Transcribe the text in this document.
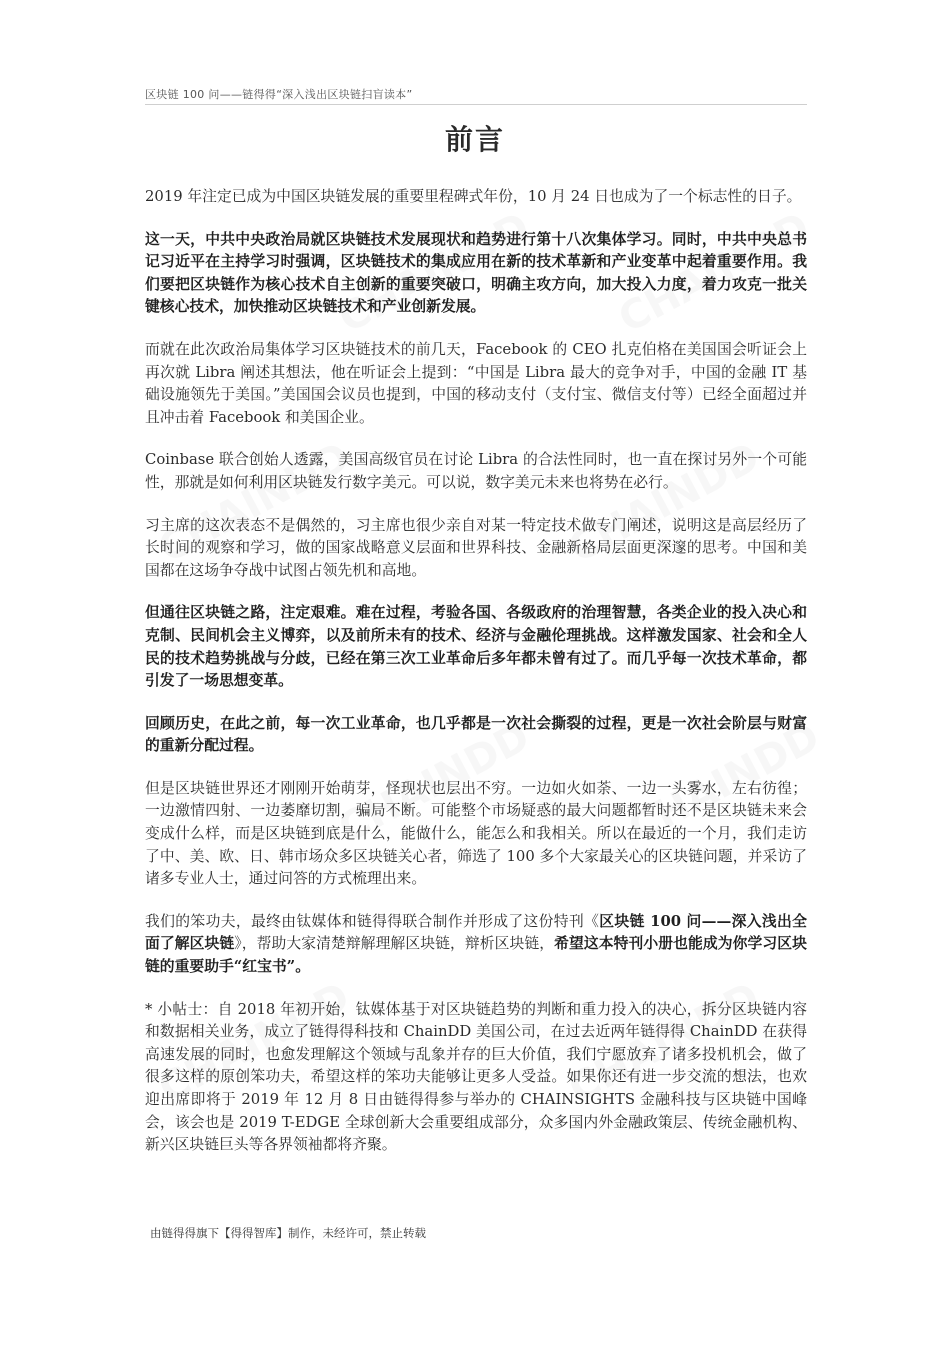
区块链 100 问——链得得“深入浅出区块链扫盲读本”
前言

2019 年注定已成为中国区块链发展的重要里程碑式年份，10 月 24 日也成为了一个标志性的日子。

这一天，中共中央政治局就区块链技术发展现状和趋势进行第十八次集体学习。同时，中共中央总书记习近平在主持学习时强调，区块链技术的集成应用在新的技术革新和产业变革中起着重要作用。我们要把区块链作为核心技术自主创新的重要突破口，明确主攻方向，加大投入力度，着力攻克一批关键核心技术，加快推动区块链技术和产业创新发展。

而就在此次政治局集体学习区块链技术的前几天，Facebook 的 CEO 扎克伯格在美国国会听证会上再次就 Libra 阐述其想法，他在听证会上提到：“中国是 Libra 最大的竞争对手，中国的金融 IT 基础设施领先于美国。”美国国会议员也提到，中国的移动支付（支付宝、微信支付等）已经全面超过并且冲击着 Facebook 和美国企业。

Coinbase 联合创始人透露，美国高级官员在讨论 Libra 的合法性同时，也一直在探讨另外一个可能性，那就是如何利用区块链发行数字美元。可以说，数字美元未来也将势在必行。

习主席的这次表态不是偶然的，习主席也很少亲自对某一特定技术做专门阐述，说明这是高层经历了长时间的观察和学习，做的国家战略意义层面和世界科技、金融新格局层面更深邃的思考。中国和美国都在这场争夺战中试图占领先机和高地。

但通往区块链之路，注定艰难。难在过程，考验各国、各级政府的治理智慧，各类企业的投入决心和克制、民间机会主义博弈，以及前所未有的技术、经济与金融伦理挑战。这样激发国家、社会和全人民的技术趋势挑战与分歧，已经在第三次工业革命后多年都未曾有过了。而几乎每一次技术革命，都引发了一场思想变革。

回顾历史，在此之前，每一次工业革命，也几乎都是一次社会撕裂的过程，更是一次社会阶层与财富的重新分配过程。

但是区块链世界还才刚刚开始萌芽，怪现状也层出不穷。一边如火如荼、一边一头雾水，左右彷徨；一边激情四射、一边萎靡切割，骗局不断。可能整个市场疑惑的最大问题都暂时还不是区块链未来会变成什么样，而是区块链到底是什么，能做什么，能怎么和我相关。所以在最近的一个月，我们走访了中、美、欧、日、韩市场众多区块链关心者，筛选了 100 多个大家最关心的区块链问题，并采访了诸多专业人士，通过问答的方式梳理出来。

我们的笨功夫，最终由钛媒体和链得得联合制作并形成了这份特刊《区块链 100 问——深入浅出全面了解区块链》，帮助大家清楚辩解理解区块链，辩析区块链，希望这本特刊小册也能成为你学习区块链的重要助手“红宝书”。

* 小帖士：自 2018 年初开始，钛媒体基于对区块链趋势的判断和重力投入的决心，拆分区块链内容和数据相关业务，成立了链得得科技和 ChainDD 美国公司，在过去近两年链得得 ChainDD 在获得高速发展的同时，也愈发理解这个领域与乱象并存的巨大价值，我们宁愿放弃了诸多投机机会，做了很多这样的原创笨功夫，希望这样的笨功夫能够让更多人受益。如果你还有进一步交流的想法，也欢迎出席即将于 2019 年 12 月 8 日由链得得参与举办的 CHAINSIGHTS 金融科技与区块链中国峰会，该会也是 2019 T-EDGE 全球创新大会重要组成部分，众多国内外金融政策层、传统金融机构、新兴区块链巨头等各界领袖都将齐聚。

由链得得旗下【得得智库】制作，未经许可，禁止转载
